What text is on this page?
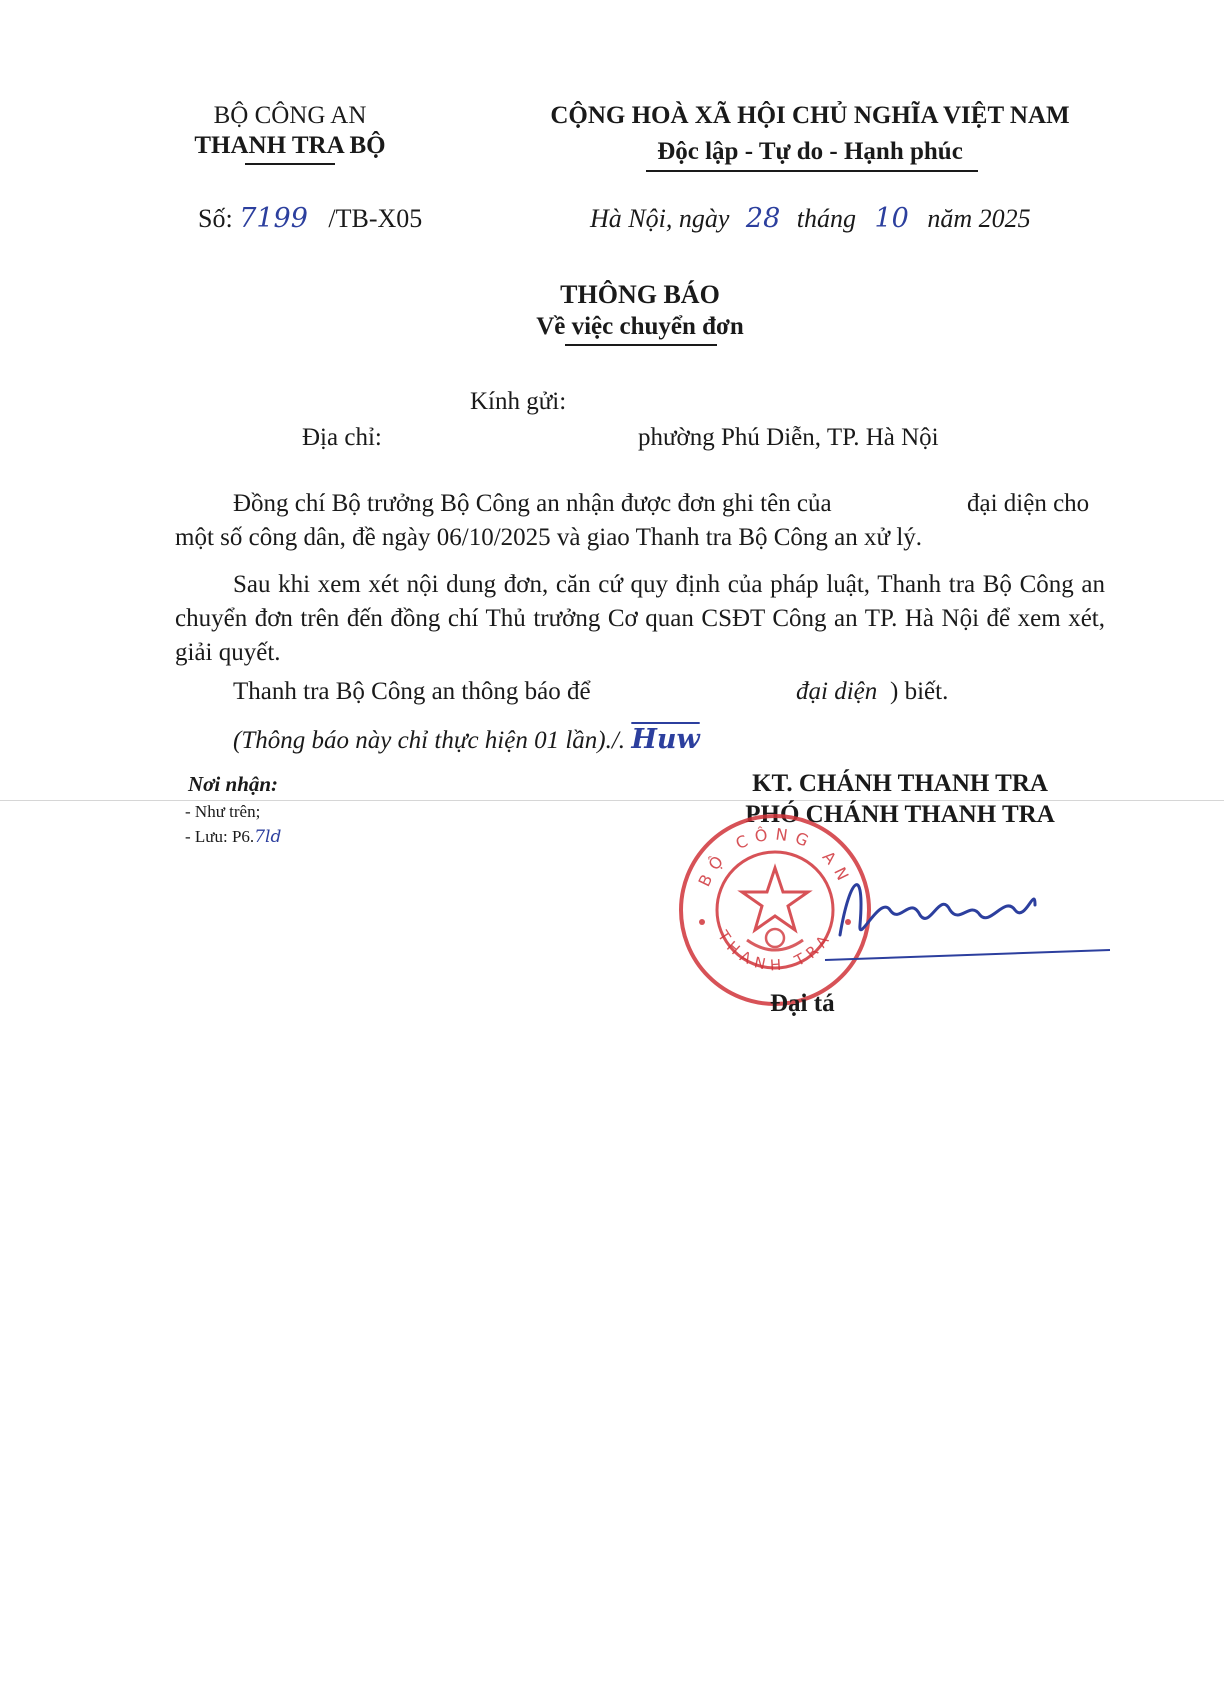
BỘ CÔNG AN
THANH TRA BỘ
CỘNG HOÀ XÃ HỘI CHỦ NGHĨA VIỆT NAM
Độc lập - Tự do - Hạnh phúc
Số: 7199 /TB-X05	Hà Nội, ngày 28 tháng 10 năm 2025
THÔNG BÁO
Về việc chuyển đơn
Kính gửi:
Địa chỉ:	phường Phú Diễn, TP. Hà Nội
Đồng chí Bộ trưởng Bộ Công an nhận được đơn ghi tên của	đại diện cho
một số công dân, đề ngày 06/10/2025 và giao Thanh tra Bộ Công an xử lý.
Sau khi xem xét nội dung đơn, căn cứ quy định của pháp luật, Thanh tra Bộ Công an chuyển đơn trên đến đồng chí Thủ trưởng Cơ quan CSĐT Công an TP. Hà Nội để xem xét, giải quyết.
Thanh tra Bộ Công an thông báo để	đại diện ) biết.
(Thông báo này chỉ thực hiện 01 lần)./. $\overline{Huw}$
Nơi nhận:
- Như trên;
- Lưu: P6.7ld
KT. CHÁNH THANH TRA
PHÓ CHÁNH THANH TRA
BỘ CÔNG AN
THANH TRA
Đại tá
